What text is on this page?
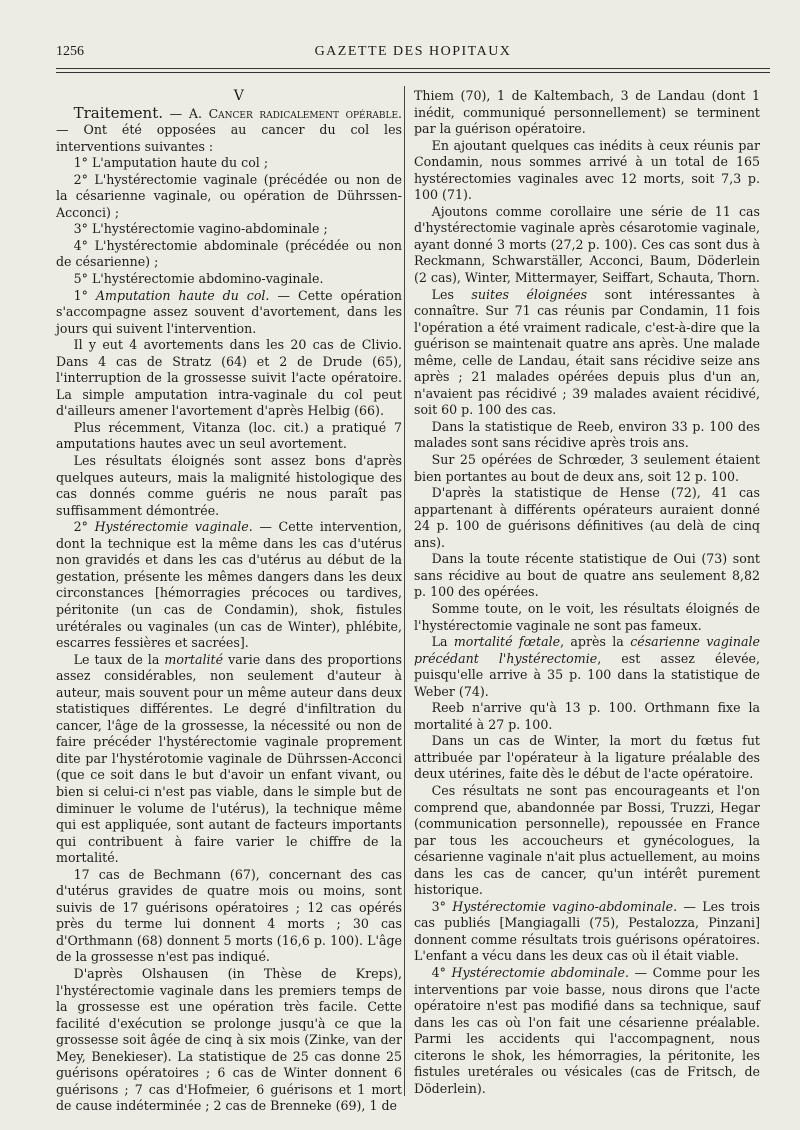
1256	GAZETTE DES HOPITAUX

V

Traitement. — A. Cancer radicalement opérable. — Ont été opposées au cancer du col les interventions suivantes :

1° L'amputation haute du col ;

2° L'hystérectomie vaginale (précédée ou non de la césarienne vaginale, ou opération de Dührssen-Acconci) ;

3° L'hystérectomie vagino-abdominale ;

4° L'hystérectomie abdominale (précédée ou non de césarienne) ;

5° L'hystérectomie abdomino-vaginale.

1° Amputation haute du col. — Cette opération s'accompagne assez souvent d'avortement, dans les jours qui suivent l'intervention.

Il y eut 4 avortements dans les 20 cas de Clivio. Dans 4 cas de Stratz (64) et 2 de Drude (65), l'interruption de la grossesse suivit l'acte opératoire. La simple amputation intra-vaginale du col peut d'ailleurs amener l'avortement d'après Helbig (66).

Plus récemment, Vitanza (loc. cit.) a pratiqué 7 amputations hautes avec un seul avortement.

Les résultats éloignés sont assez bons d'après quelques auteurs, mais la malignité histologique des cas donnés comme guéris ne nous paraît pas suffisamment démontrée.

2° Hystérectomie vaginale. — Cette intervention, dont la technique est la même dans les cas d'utérus non gravidés et dans les cas d'utérus au début de la gestation, présente les mêmes dangers dans les deux circonstances [hémorragies précoces ou tardives, péritonite (un cas de Condamin), shok, fistules urétérales ou vaginales (un cas de Winter), phlébite, escarres fessières et sacrées].

Le taux de la mortalité varie dans des proportions assez considérables, non seulement d'auteur à auteur, mais souvent pour un même auteur dans deux statistiques différentes. Le degré d'infiltration du cancer, l'âge de la grossesse, la nécessité ou non de faire précéder l'hystérectomie vaginale proprement dite par l'hystérotomie vaginale de Dührssen-Acconci (que ce soit dans le but d'avoir un enfant vivant, ou bien si celui-ci n'est pas viable, dans le simple but de diminuer le volume de l'utérus), la technique même qui est appliquée, sont autant de facteurs importants qui contribuent à faire varier le chiffre de la mortalité.

17 cas de Bechmann (67), concernant des cas d'utérus gravides de quatre mois ou moins, sont suivis de 17 guérisons opératoires ; 12 cas opérés près du terme lui donnent 4 morts ; 30 cas d'Orthmann (68) donnent 5 morts (16,6 p. 100). L'âge de la grossesse n'est pas indiqué.

D'après Olshausen (in Thèse de Kreps), l'hystérectomie vaginale dans les premiers temps de la grossesse est une opération très facile. Cette facilité d'exécution se prolonge jusqu'à ce que la grossesse soit âgée de cinq à six mois (Zinke, van der Mey, Benekieser). La statistique de 25 cas donne 25 guérisons opératoires ; 6 cas de Winter donnent 6 guérisons ; 7 cas d'Hofmeier, 6 guérisons et 1 mort de cause indéterminée ; 2 cas de Brenneke (69), 1 de

Thiem (70), 1 de Kaltembach, 3 de Landau (dont 1 inédit, communiqué personnellement) se terminent par la guérison opératoire.

En ajoutant quelques cas inédits à ceux réunis par Condamin, nous sommes arrivé à un total de 165 hystérectomies vaginales avec 12 morts, soit 7,3 p. 100 (71).

Ajoutons comme corollaire une série de 11 cas d'hystérectomie vaginale après césarotomie vaginale, ayant donné 3 morts (27,2 p. 100). Ces cas sont dus à Reckmann, Schwarställer, Acconci, Baum, Döderlein (2 cas), Winter, Mittermayer, Seiffart, Schauta, Thorn.

Les suites éloignées sont intéressantes à connaître. Sur 71 cas réunis par Condamin, 11 fois l'opération a été vraiment radicale, c'est-à-dire que la guérison se maintenait quatre ans après. Une malade même, celle de Landau, était sans récidive seize ans après ; 21 malades opérées depuis plus d'un an, n'avaient pas récidivé ; 39 malades avaient récidivé, soit 60 p. 100 des cas.

Dans la statistique de Reeb, environ 33 p. 100 des malades sont sans récidive après trois ans.

Sur 25 opérées de Schrœder, 3 seulement étaient bien portantes au bout de deux ans, soit 12 p. 100.

D'après la statistique de Hense (72), 41 cas appartenant à différents opérateurs auraient donné 24 p. 100 de guérisons définitives (au delà de cinq ans).

Dans la toute récente statistique de Oui (73) sont sans récidive au bout de quatre ans seulement 8,82 p. 100 des opérées.

Somme toute, on le voit, les résultats éloignés de l'hystérectomie vaginale ne sont pas fameux.

La mortalité fœtale, après la césarienne vaginale précédant l'hystérectomie, est assez élevée, puisqu'elle arrive à 35 p. 100 dans la statistique de Weber (74).

Reeb n'arrive qu'à 13 p. 100. Orthmann fixe la mortalité à 27 p. 100.

Dans un cas de Winter, la mort du fœtus fut attribuée par l'opérateur à la ligature préalable des deux utérines, faite dès le début de l'acte opératoire.

Ces résultats ne sont pas encourageants et l'on comprend que, abandonnée par Bossi, Truzzi, Hegar (communication personnelle), repoussée en France par tous les accoucheurs et gynécologues, la césarienne vaginale n'ait plus actuellement, au moins dans les cas de cancer, qu'un intérêt purement historique.

3° Hystérectomie vagino-abdominale. — Les trois cas publiés [Mangiagalli (75), Pestalozza, Pinzani] donnent comme résultats trois guérisons opératoires. L'enfant a vécu dans les deux cas où il était viable.

4° Hystérectomie abdominale. — Comme pour les interventions par voie basse, nous dirons que l'acte opératoire n'est pas modifié dans sa technique, sauf dans les cas où l'on fait une césarienne préalable. Parmi les accidents qui l'accompagnent, nous citerons le shok, les hémorragies, la péritonite, les fistules uretérales ou vésicales (cas de Fritsch, de Döderlein).
